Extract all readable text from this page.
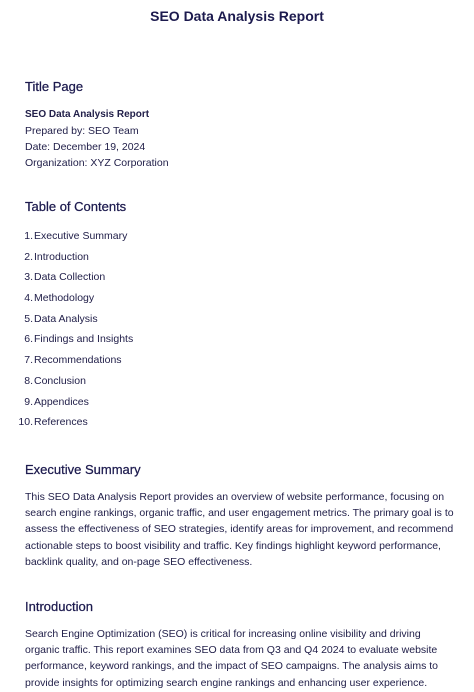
SEO Data Analysis Report
Title Page
SEO Data Analysis Report
Prepared by: SEO Team
Date: December 19, 2024
Organization: XYZ Corporation
Table of Contents
1. Executive Summary
2. Introduction
3. Data Collection
4. Methodology
5. Data Analysis
6. Findings and Insights
7. Recommendations
8. Conclusion
9. Appendices
10. References
Executive Summary

This SEO Data Analysis Report provides an overview of website performance, focusing on search engine rankings, organic traffic, and user engagement metrics. The primary goal is to assess the effectiveness of SEO strategies, identify areas for improvement, and recommend actionable steps to boost visibility and traffic. Key findings highlight keyword performance, backlink quality, and on-page SEO effectiveness.

Introduction

Search Engine Optimization (SEO) is critical for increasing online visibility and driving organic traffic. This report examines SEO data from Q3 and Q4 2024 to evaluate website performance, keyword rankings, and the impact of SEO campaigns. The analysis aims to provide insights for optimizing search engine rankings and enhancing user experience.
